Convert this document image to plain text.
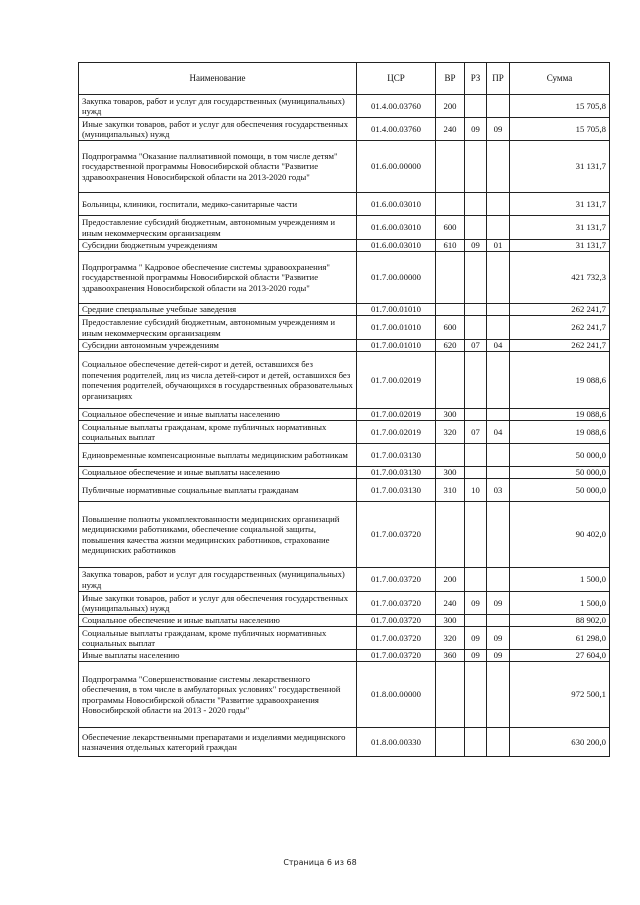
Наименование	ЦСР	ВР	РЗ	ПР	Сумма
Закупка товаров, работ и услуг для государственных (муниципальных) нужд	01.4.00.03760	200			15 705,8
Иные закупки товаров, работ и услуг для обеспечения государственных (муниципальных) нужд	01.4.00.03760	240	09	09	15 705,8
Подпрограмма "Оказание паллиативной помощи, в том числе детям" государственной программы Новосибирской области "Развитие здравоохранения Новосибирской области на 2013-2020 годы"	01.6.00.00000				31 131,7
Больницы, клиники, госпитали, медико-санитарные части	01.6.00.03010				31 131,7
Предоставление субсидий бюджетным, автономным учреждениям и иным некоммерческим организациям	01.6.00.03010	600			31 131,7
Субсидии бюджетным учреждениям	01.6.00.03010	610	09	01	31 131,7
Подпрограмма " Кадровое обеспечение системы здравоохранения" государственной программы Новосибирской области "Развитие здравоохранения Новосибирской области на 2013-2020 годы"	01.7.00.00000				421 732,3
Средние специальные учебные заведения	01.7.00.01010				262 241,7
Предоставление субсидий бюджетным, автономным учреждениям и иным некоммерческим организациям	01.7.00.01010	600			262 241,7
Субсидии автономным учреждениям	01.7.00.01010	620	07	04	262 241,7
Социальное обеспечение детей-сирот и детей, оставшихся без попечения родителей, лиц из числа детей-сирот и детей, оставшихся без попечения родителей, обучающихся в государственных образовательных организациях	01.7.00.02019				19 088,6
Социальное обеспечение и иные выплаты населению	01.7.00.02019	300			19 088,6
Социальные выплаты гражданам, кроме публичных нормативных социальных выплат	01.7.00.02019	320	07	04	19 088,6
Единовременные компенсационные выплаты медицинским работникам	01.7.00.03130				50 000,0
Социальное обеспечение и иные выплаты населению	01.7.00.03130	300			50 000,0
Публичные нормативные социальные выплаты гражданам	01.7.00.03130	310	10	03	50 000,0
Повышение полноты укомплектованности медицинских организаций медицинскими работниками, обеспечение социальной защиты, повышения качества жизни медицинских работников, страхование медицинских работников	01.7.00.03720				90 402,0
Закупка товаров, работ и услуг для государственных (муниципальных) нужд	01.7.00.03720	200			1 500,0
Иные закупки товаров, работ и услуг для обеспечения государственных (муниципальных) нужд	01.7.00.03720	240	09	09	1 500,0
Социальное обеспечение и иные выплаты населению	01.7.00.03720	300			88 902,0
Социальные выплаты гражданам, кроме публичных нормативных социальных выплат	01.7.00.03720	320	09	09	61 298,0
Иные выплаты населению	01.7.00.03720	360	09	09	27 604,0
Подпрограмма "Совершенствование системы лекарственного обеспечения, в том числе в амбулаторных условиях" государственной программы Новосибирской области "Развитие здравоохранения Новосибирской области на 2013 - 2020 годы"	01.8.00.00000				972 500,1
Обеспечение лекарственными препаратами и изделиями медицинского назначения отдельных категорий граждан	01.8.00.00330				630 200,0
Страница 6 из 68
